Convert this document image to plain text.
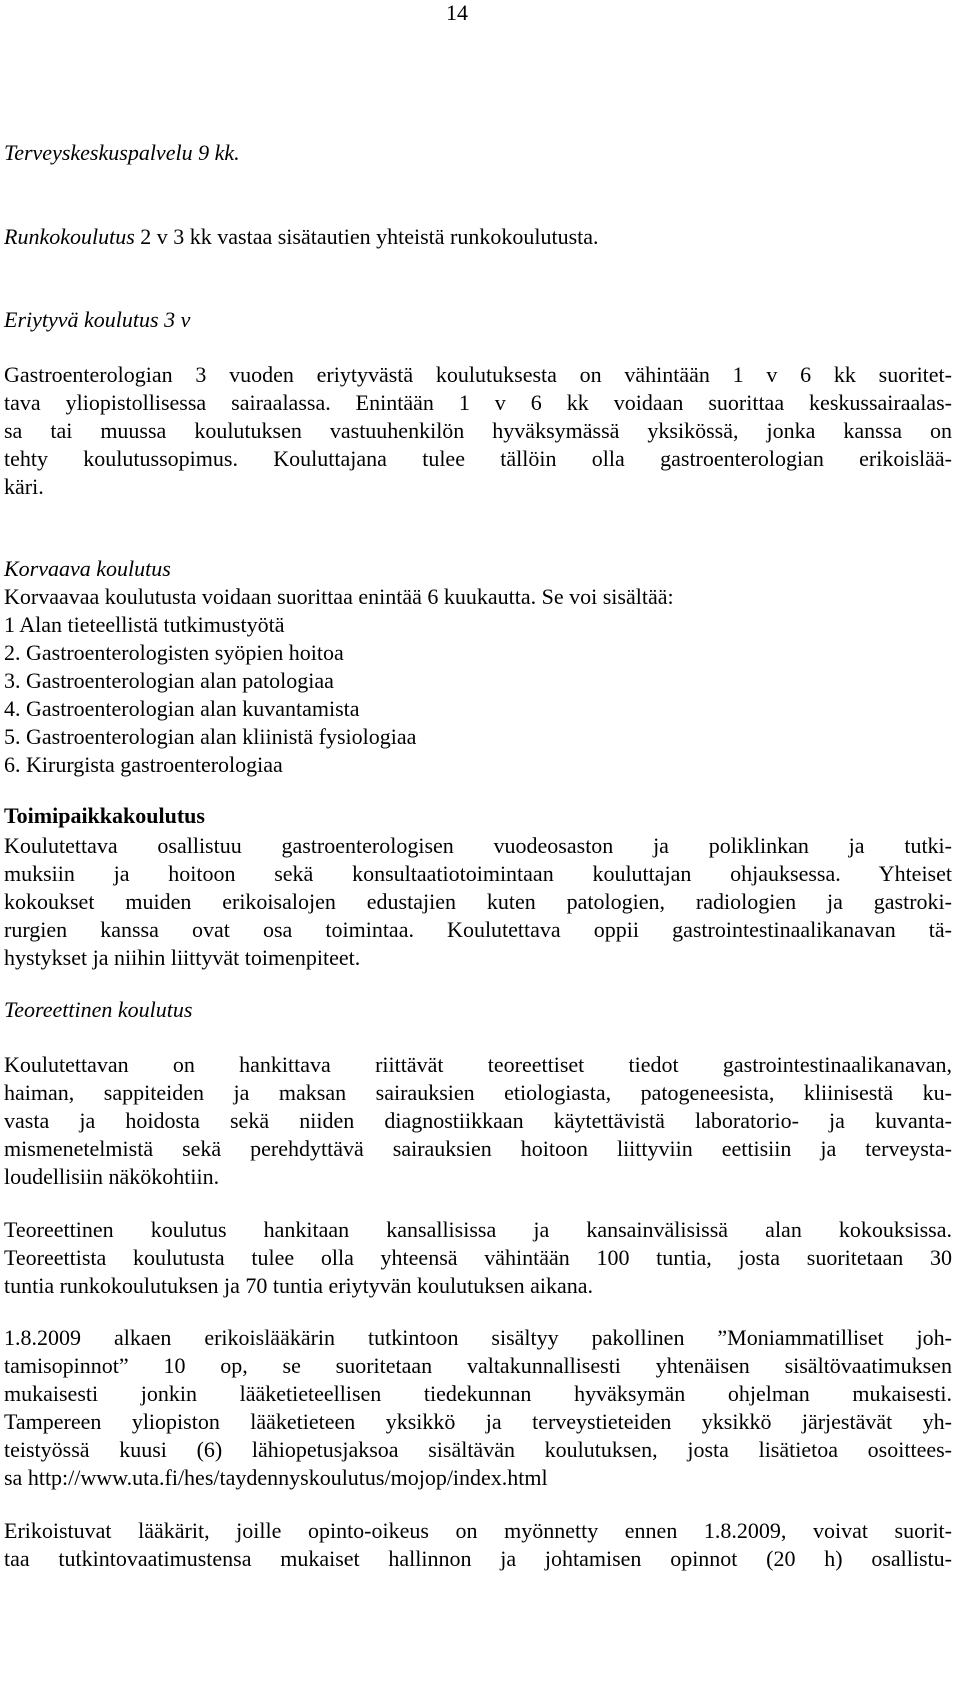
14
Terveyskeskuspalvelu 9 kk.
Runkokoulutus 2 v 3 kk vastaa sisätautien yhteistä runkokoulutusta.
Eriytyvä koulutus 3 v
Gastroenterologian 3 vuoden eriytyvästä koulutuksesta on vähintään 1 v 6 kk suoritet-
tava yliopistollisessa sairaalassa. Enintään 1 v 6 kk voidaan suorittaa keskussairaalas-
sa tai muussa koulutuksen vastuuhenkilön hyväksymässä yksikössä, jonka kanssa on
tehty koulutussopimus. Kouluttajana tulee tällöin olla gastroenterologian erikoislää-
käri.
Korvaava koulutus
Korvaavaa koulutusta voidaan suorittaa enintää 6 kuukautta. Se voi sisältää:
1 Alan tieteellistä tutkimustyötä
2. Gastroenterologisten syöpien hoitoa
3. Gastroenterologian alan patologiaa
4. Gastroenterologian alan kuvantamista
5. Gastroenterologian alan kliinistä fysiologiaa
6. Kirurgista gastroenterologiaa
Toimipaikkakoulutus
Koulutettava osallistuu gastroenterologisen vuodeosaston ja poliklinkan ja tutki-
muksiin ja hoitoon sekä konsultaatiotoimintaan kouluttajan ohjauksessa. Yhteiset
kokoukset muiden erikoisalojen edustajien kuten patologien, radiologien ja gastroki-
rurgien kanssa ovat osa toimintaa. Koulutettava oppii gastrointestinaalikanavan tä-
hystykset ja niihin liittyvät toimenpiteet.
Teoreettinen koulutus
Koulutettavan on hankittava riittävät teoreettiset tiedot gastrointestinaalikanavan,
haiman, sappiteiden ja maksan sairauksien etiologiasta, patogeneesista, kliinisestä ku-
vasta ja hoidosta sekä niiden diagnostiikkaan käytettävistä laboratorio- ja kuvanta-
mismenetelmistä sekä perehdyttävä sairauksien hoitoon liittyviin eettisiin ja terveysta-
loudellisiin näkökohtiin.
Teoreettinen koulutus hankitaan kansallisissa ja kansainvälisissä alan kokouksissa.
Teoreettista koulutusta tulee olla yhteensä vähintään 100 tuntia, josta suoritetaan 30
tuntia runkokoulutuksen ja 70 tuntia eriytyvän koulutuksen aikana.
1.8.2009 alkaen erikoislääkärin tutkintoon sisältyy pakollinen ”Moniammatilliset joh-
tamisopinnot” 10 op, se suoritetaan valtakunnallisesti yhtenäisen sisältövaatimuksen
mukaisesti jonkin lääketieteellisen tiedekunnan hyväksymän ohjelman mukaisesti.
Tampereen yliopiston lääketieteen yksikkö ja terveystieteiden yksikkö järjestävät yh-
teistyössä kuusi (6) lähiopetusjaksoa sisältävän koulutuksen, josta lisätietoa osoittees-
sa http://www.uta.fi/hes/taydennyskoulutus/mojop/index.html
Erikoistuvat lääkärit, joille opinto-oikeus on myönnetty ennen 1.8.2009, voivat suorit-
taa tutkintovaatimustensa mukaiset hallinnon ja johtamisen opinnot (20 h) osallistu-
